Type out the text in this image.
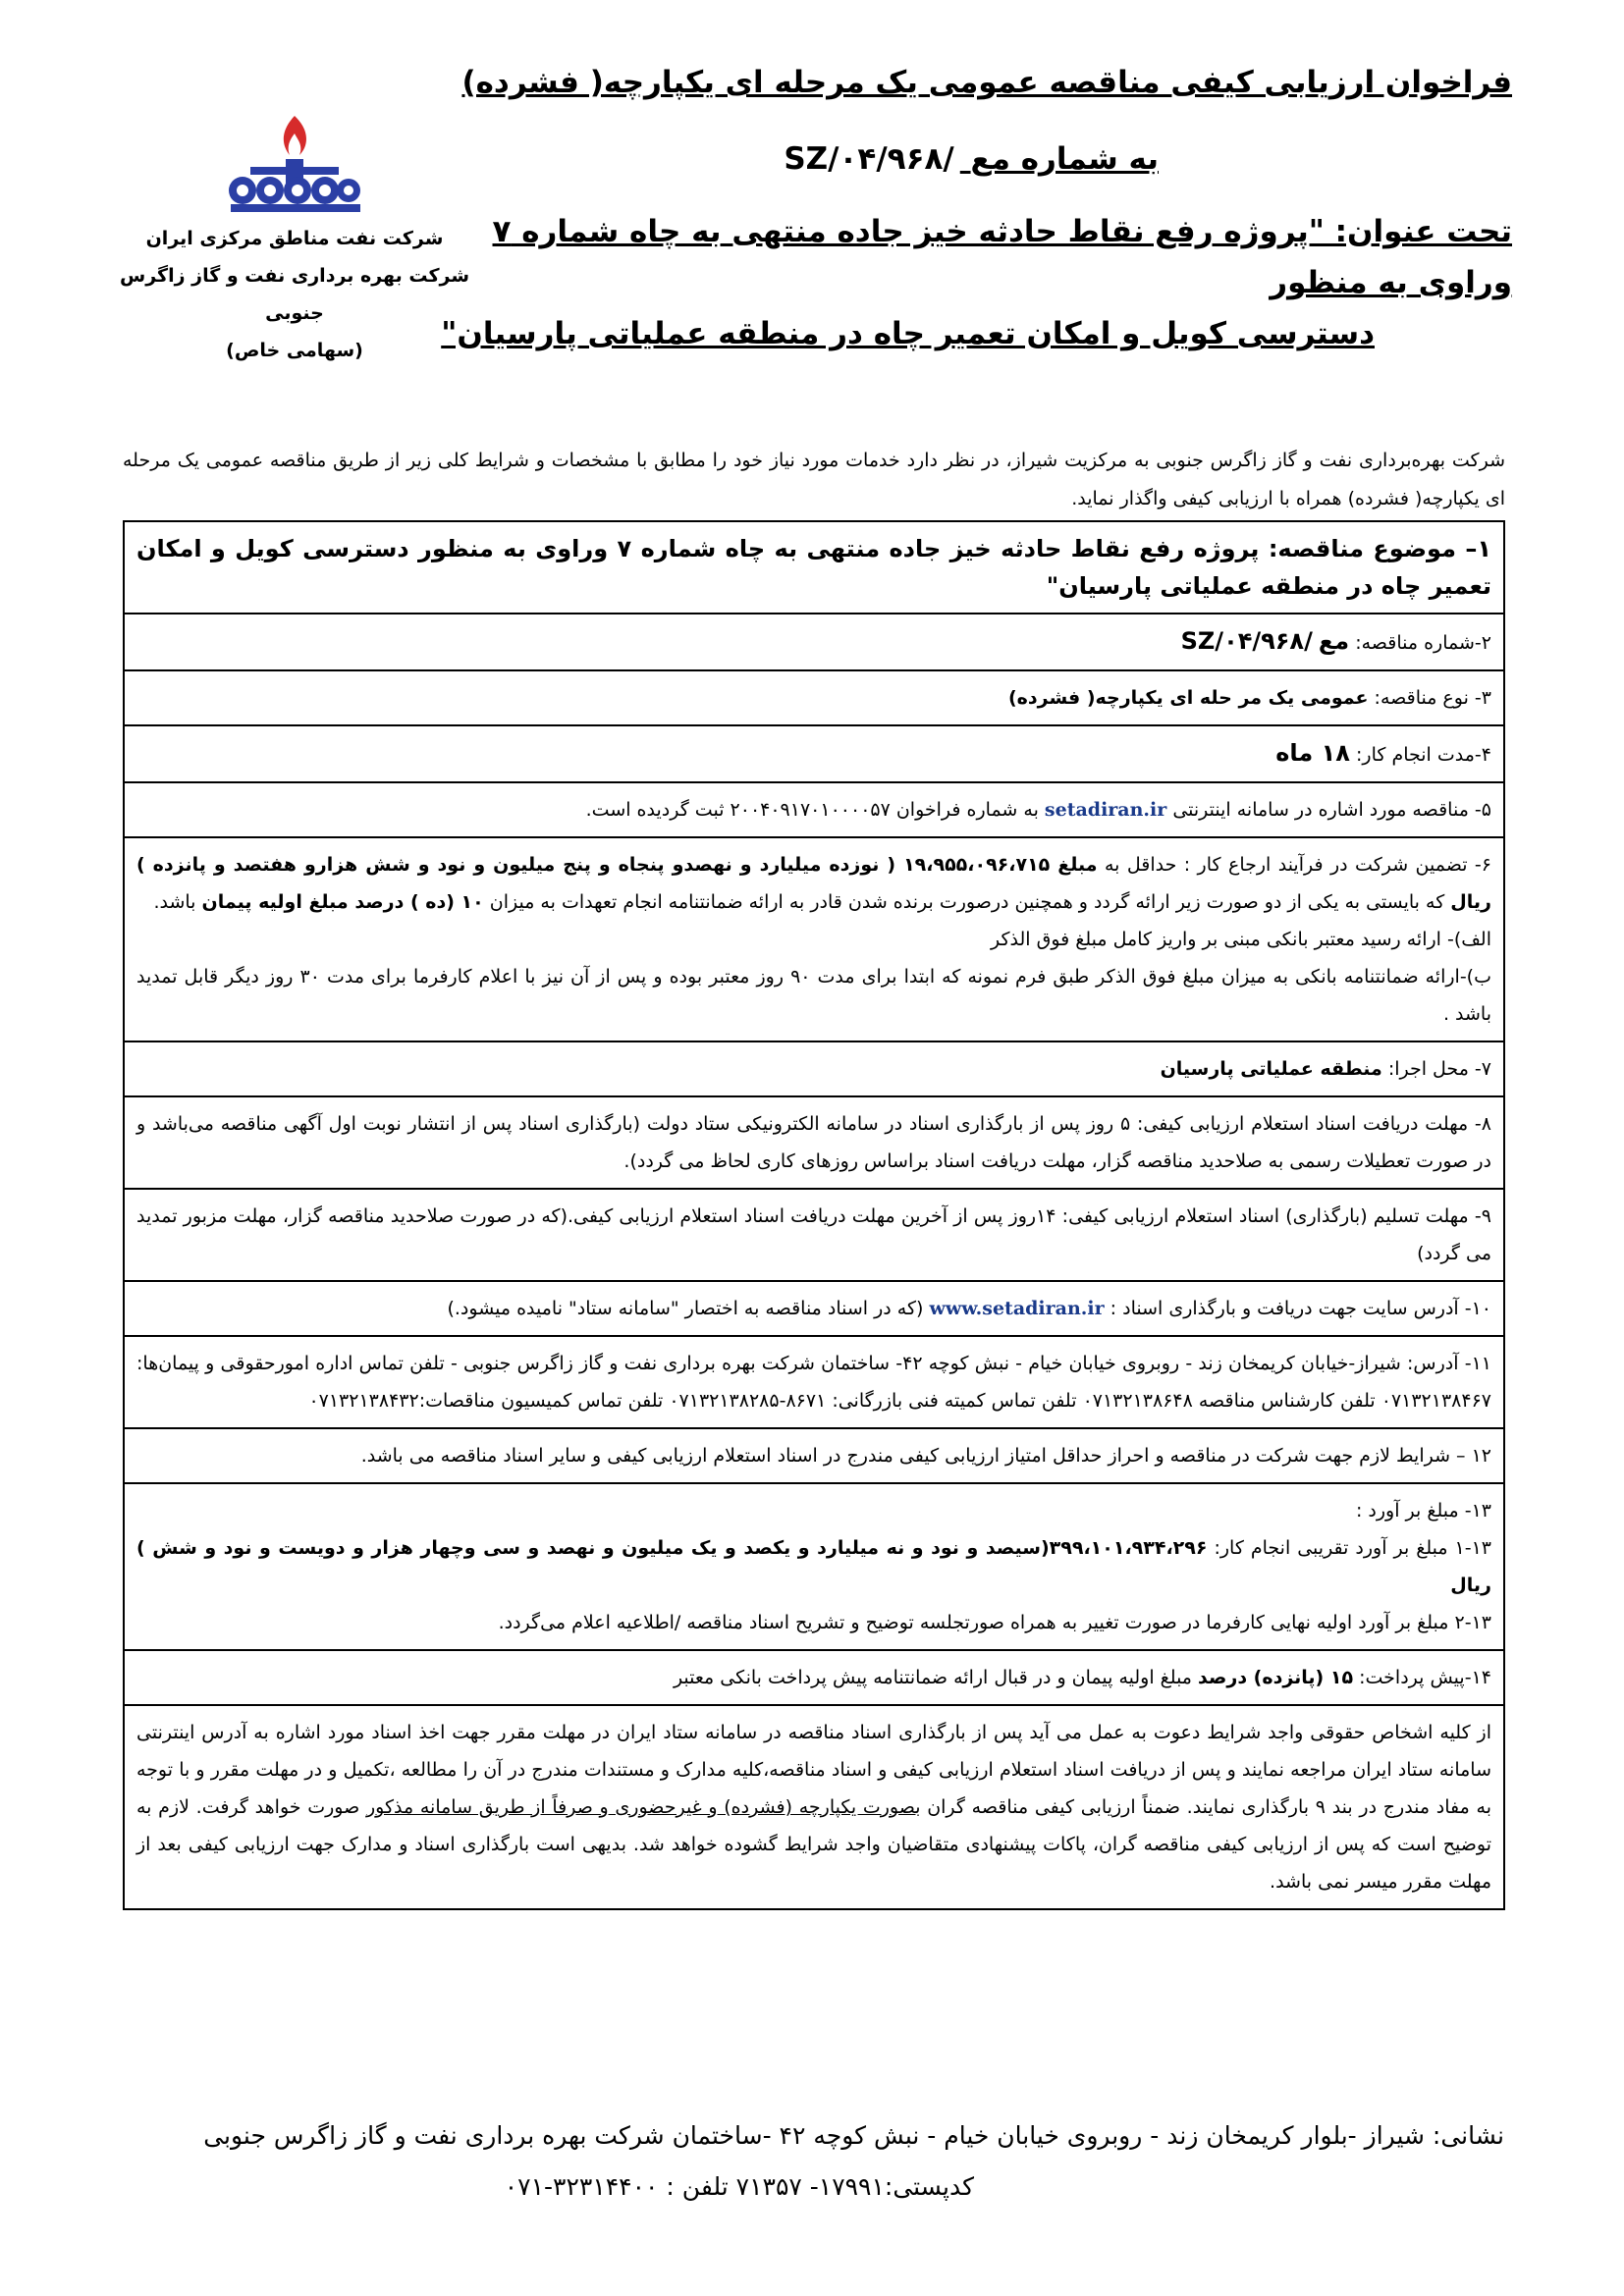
فراخوان ارزیابی کیفی مناقصه عمومی یک مرحله ای یکپارچه( فشرده)
به شماره مع SZ/۰۴/۹۶۸/
تحت عنوان: "پروژه رفع نقاط حادثه خیز جاده منتهی به چاه شماره ۷ وراوی به منظور
دسترسی کویل و امکان تعمیر چاه در منطقه عملیاتی پارسیان"
شرکت نفت مناطق مرکزی ایران
شرکت بهره برداری نفت و گاز زاگرس جنوبی
(سهامی خاص)
شرکت بهره‌برداری نفت و گاز زاگرس جنوبی به مرکزیت شیراز، در نظر دارد خدمات مورد نیاز خود را مطابق با مشخصات و شرایط کلی زیر از طریق مناقصه عمومی یک مرحله ای یکپارچه( فشرده) همراه با ارزیابی کیفی واگذار نماید.
۱– موضوع مناقصه: پروژه رفع نقاط حادثه خیز جاده منتهی به چاه شماره ۷ وراوی به منظور دسترسی کویل و امکان تعمیر چاه در منطقه عملیاتی پارسیان"
۲-شماره مناقصه: مع SZ/۰۴/۹۶۸/
۳- نوع مناقصه: عمومی یک مر حله ای یکپارچه( فشرده)
۴-مدت انجام کار: ۱۸ ماه
۵- مناقصه مورد اشاره در سامانه اینترنتی setadiran.ir به شماره فراخوان ۲۰۰۴۰۹۱۷۰۱۰۰۰۰۵۷ ثبت گردیده است.
۶- تضمین شرکت در فرآیند ارجاع کار : حداقل به مبلغ ۱۹،۹۵۵،۰۹۶،۷۱۵ ( نوزده میلیارد و نهصدو پنجاه و پنج میلیون و نود و شش هزارو هفتصد و پانزده ) ریال که بایستی به یکی از دو صورت زیر ارائه گردد و همچنین درصورت برنده شدن قادر به ارائه ضمانتنامه انجام تعهدات به میزان ۱۰ (ده ) درصد مبلغ اولیه پیمان باشد.
الف)- ارائه رسید معتبر بانکی مبنی بر واریز کامل مبلغ فوق الذکر
ب)-ارائه ضمانتنامه بانکی به میزان مبلغ فوق الذکر طبق فرم نمونه که ابتدا برای مدت ۹۰ روز معتبر بوده و پس از آن نیز با اعلام کارفرما برای مدت ۳۰ روز دیگر قابل تمدید باشد .
۷- محل اجرا: منطقه عملیاتی پارسیان
۸- مهلت دریافت اسناد استعلام ارزیابی کیفی: ۵ روز پس از بارگذاری اسناد در سامانه الکترونیکی ستاد دولت (بارگذاری اسناد پس از انتشار نوبت اول آگهی مناقصه می‌باشد و در صورت تعطیلات رسمی به صلاحدید مناقصه گزار، مهلت دریافت اسناد براساس روزهای کاری لحاظ می گردد).
۹- مهلت تسلیم (بارگذاری) اسناد استعلام ارزیابی کیفی: ۱۴روز پس از آخرین مهلت دریافت اسناد استعلام ارزیابی کیفی.(که در صورت صلاحدید مناقصه گزار، مهلت مزبور تمدید می گردد)
۱۰- آدرس سایت جهت دریافت و بارگذاری اسناد : www.setadiran.ir (که در اسناد مناقصه به اختصار "سامانه ستاد" نامیده میشود.)
۱۱- آدرس: شیراز-خیابان کریمخان زند - روبروی خیابان خیام - نبش کوچه ۴۲- ساختمان شرکت بهره برداری نفت و گاز زاگرس جنوبی - تلفن تماس اداره امورحقوقی و پیمان‌ها: ۰۷۱۳۲۱۳۸۴۶۷ تلفن کارشناس مناقصه ۰۷۱۳۲۱۳۸۶۴۸ تلفن تماس کمیته فنی بازرگانی: ۸۶۷۱-۰۷۱۳۲۱۳۸۲۸۵ تلفن تماس کمیسیون مناقصات:۰۷۱۳۲۱۳۸۴۳۲
۱۲ – شرایط لازم جهت شرکت در مناقصه و احراز حداقل امتیاز ارزیابی کیفی مندرج در اسناد استعلام ارزیابی کیفی و سایر اسناد مناقصه می باشد.
۱۳- مبلغ بر آورد :
۱-۱۳ مبلغ بر آورد تقریبی انجام کار: ۳۹۹،۱۰۱،۹۳۴،۲۹۶(سیصد و نود و نه میلیارد و یکصد و یک میلیون و نهصد و سی وچهار هزار و دویست و نود و شش ) ریال
۲-۱۳ مبلغ بر آورد اولیه نهایی کارفرما در صورت تغییر به همراه صورتجلسه توضیح و تشریح اسناد مناقصه /اطلاعیه اعلام می‌گردد.
۱۴-پیش پرداخت: ۱۵ (پانزده) درصد مبلغ اولیه پیمان و در قبال ارائه ضمانتنامه پیش پرداخت بانکی معتبر
از کلیه اشخاص حقوقی واجد شرایط دعوت به عمل می آید پس از بارگذاری اسناد مناقصه در سامانه ستاد ایران در مهلت مقرر جهت اخذ اسناد مورد اشاره به آدرس اینترنتی سامانه ستاد ایران مراجعه نمایند و پس از دریافت اسناد استعلام ارزیابی کیفی و اسناد مناقصه،کلیه مدارک و مستندات مندرج در آن را مطالعه ،تکمیل و در مهلت مقرر و با توجه به مفاد مندرج در بند ۹ بارگذاری نمایند. ضمناً ارزیابی کیفی مناقصه گران بصورت یکپارچه (فشرده) و غیرحضوری و صرفاً از طریق سامانه مذکور صورت خواهد گرفت. لازم به توضیح است که پس از ارزیابی کیفی مناقصه گران، پاکات پیشنهادی متقاضیان واجد شرایط گشوده خواهد شد. بدیهی است بارگذاری اسناد و مدارک جهت ارزیابی کیفی بعد از مهلت مقرر میسر نمی باشد.
نشانی: شیراز -بلوار کریمخان زند - روبروی خیابان خیام - نبش کوچه ۴۲ -ساختمان شرکت بهره برداری نفت و گاز زاگرس جنوبی
کدپستی:۱۷۹۹۱- ۷۱۳۵۷ تلفن : ۳۲۳۱۴۴۰۰-۰۷۱
